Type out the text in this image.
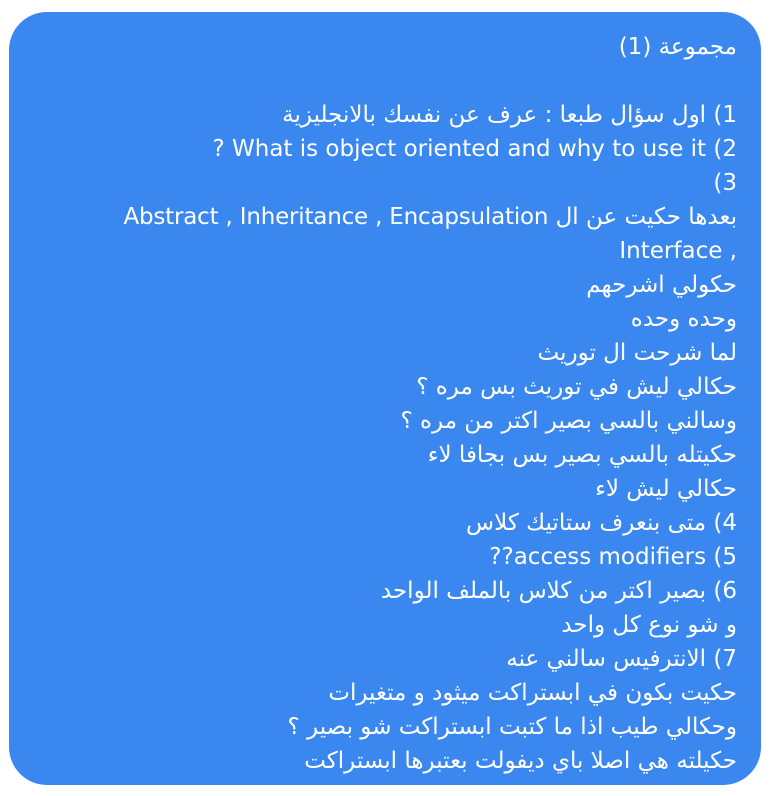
مجموعة (1)
1) اول سؤال طبعا : عرف عن نفسك بالانجليزية
2) What is object oriented and why to use it ?
3)
بعدها حكيت عن ال Abstract , Inheritance , Encapsulation
, Interface
حكولي اشرحهم
وحده وحده
لما شرحت ال توريث
حكالي ليش في توريث بس مره ؟
وسالني بالسي بصير اكتر من مره ؟
حكيتله بالسي بصير بس بجافا لاء
حكالي ليش لاء
4) متى بنعرف ستاتيك كلاس
5) access modifiers??
6) بصير اكتر من كلاس بالملف الواحد
و شو نوع كل واحد
7) الانترفيس سالني عنه
حكيت بكون في ابستراكت ميثود و متغيرات
وحكالي طيب اذا ما كتبت ابستراكت شو بصير ؟
حكيلته هي اصلا باي ديفولت بعتبرها ابستراكت
